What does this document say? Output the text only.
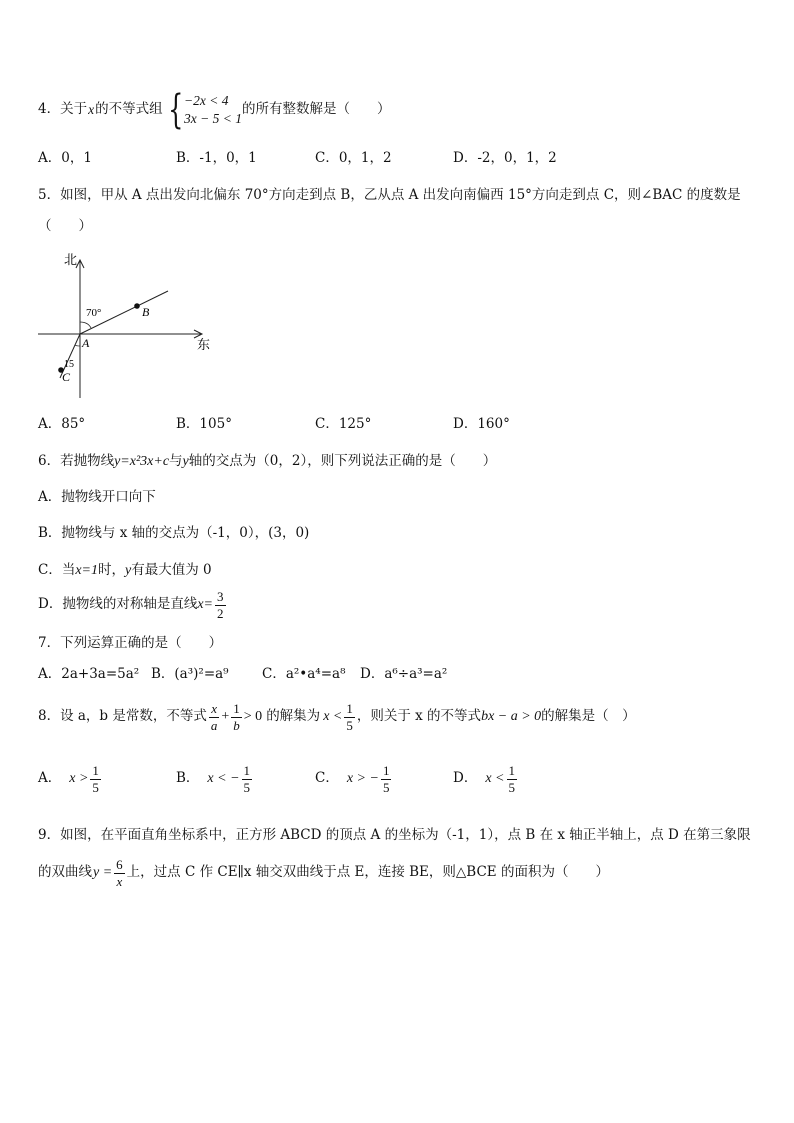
4．关于 x 的不等式组 { −2x < 4
3x − 5 < 1
的所有整数解是（　　）
A．0，1	B．-1，0，1	C．0，1，2	D．-2，0，1，2
5．如图，甲从 A 点出发向北偏东 70°方向走到点 B，乙从点 A 出发向南偏西 15°方向走到点 C，则∠BAC 的度数是
（　　）
北
东
70°
15
A
B
C
A．85°	B．105°	C．125°	D．160°
6．若抛物线y=x²3x+c与y轴的交点为（0，2），则下列说法正确的是（　　）
A．抛物线开口向下
B．抛物线与 x 轴的交点为（-1，0），(3，0)
C．当x=1时，y有最大值为 0
D．抛物线的对称轴是直线 $x= \frac{3}{2}$
7．下列运算正确的是（　　）
A．2a+3a=5a² B．(a³)²=a⁹ C．a²•a⁴=a⁸ D．a⁶÷a³=a²
8．设 a，b 是常数，不等式 $\frac{x}{a} + \frac{1}{b} > 0$ 的解集为 $x < \frac{1}{5}$ ，则关于 x 的不等式 bx − a > 0 的解集是（　）
A． $x > \frac{1}{5}$	B． x < − $\frac{1}{5}$	C． x > − $\frac{1}{5}$	D． $x < \frac{1}{5}$
9．如图，在平面直角坐标系中，正方形 ABCD 的顶点 A 的坐标为（-1，1），点 B 在 x 轴正半轴上，点 D 在第三象限
的双曲线 $y = \frac{6}{x}$ 上，过点 C 作 CE∥x 轴交双曲线于点 E，连接 BE，则△BCE 的面积为（　　）
